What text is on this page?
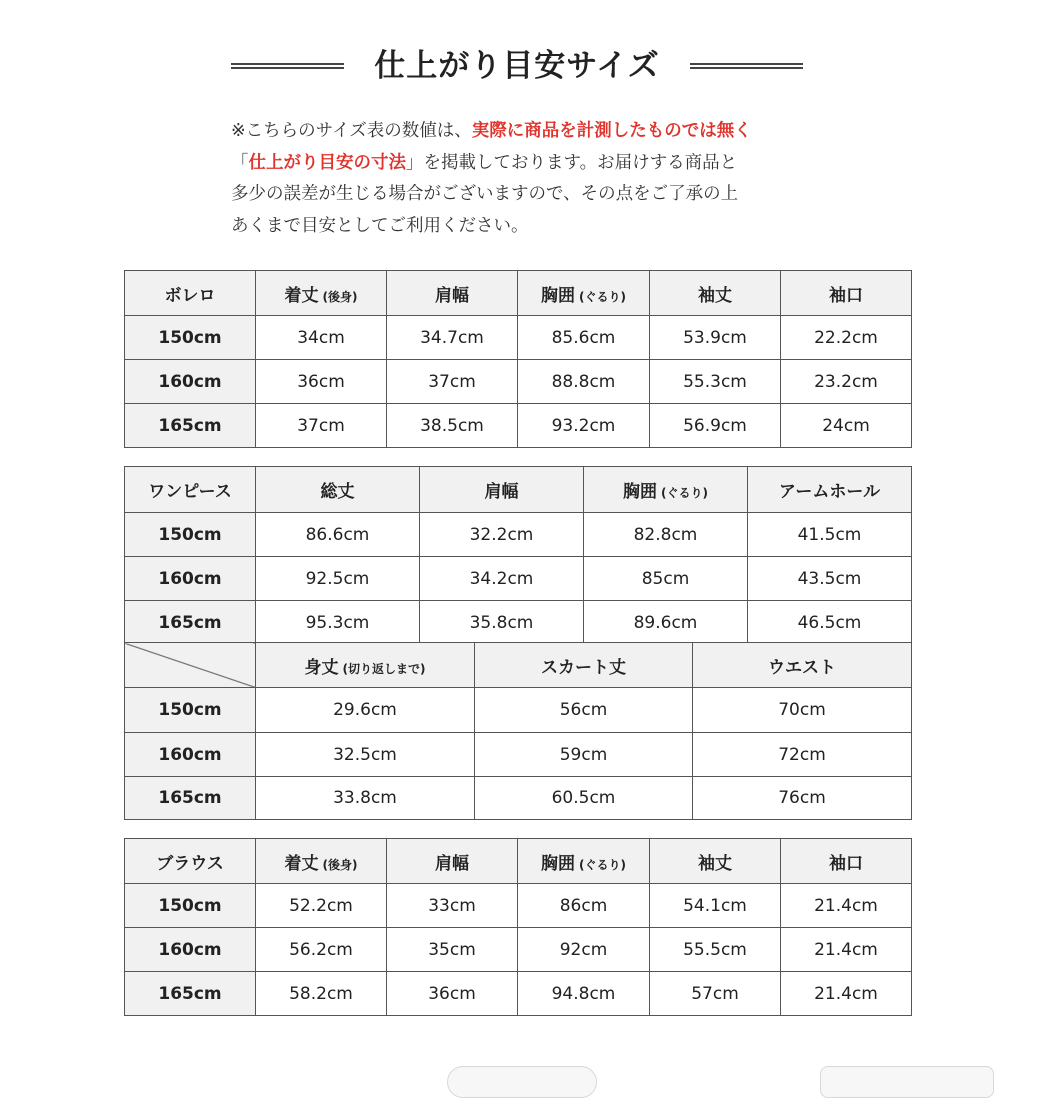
仕上がり目安サイズ
※こちらのサイズ表の数値は、実際に商品を計測したものでは無く
「仕上がり目安の寸法」を掲載しております。お届けする商品と
多少の誤差が生じる場合がございますので、その点をご了承の上
あくまで目安としてご利用ください。
ボレロ	着丈 (後身)	肩幅	胸囲 (ぐるり)	袖丈	袖口
150cm	34cm	34.7cm	85.6cm	53.9cm	22.2cm
160cm	36cm	37cm	88.8cm	55.3cm	23.2cm
165cm	37cm	38.5cm	93.2cm	56.9cm	24cm
ワンピース	総丈	肩幅	胸囲 (ぐるり)	アームホール
150cm	86.6cm	32.2cm	82.8cm	41.5cm
160cm	92.5cm	34.2cm	85cm	43.5cm
165cm	95.3cm	35.8cm	89.6cm	46.5cm
	身丈 (切り返しまで)	スカート丈	ウエスト
150cm	29.6cm	56cm	70cm
160cm	32.5cm	59cm	72cm
165cm	33.8cm	60.5cm	76cm
ブラウス	着丈 (後身)	肩幅	胸囲 (ぐるり)	袖丈	袖口
150cm	52.2cm	33cm	86cm	54.1cm	21.4cm
160cm	56.2cm	35cm	92cm	55.5cm	21.4cm
165cm	58.2cm	36cm	94.8cm	57cm	21.4cm
